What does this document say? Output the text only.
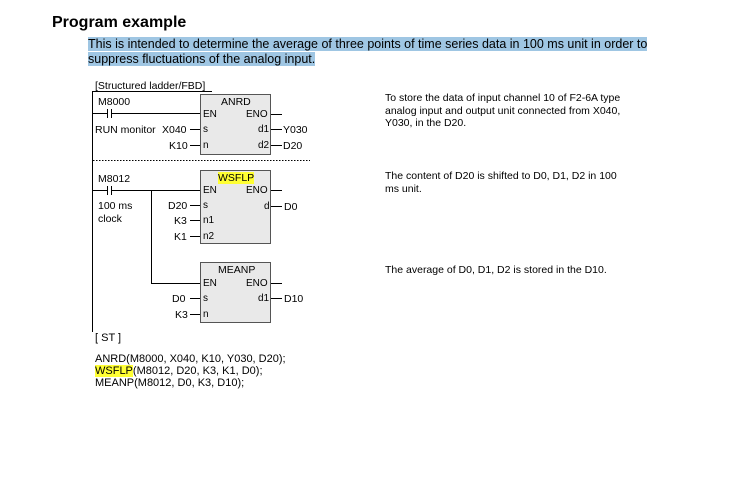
Program example
This is intended to determine the average of three points of time series data in 100 ms unit in order to
suppress fluctuations of the analog input.
[Structured ladder/FBD]
M8000
RUN monitor
ANRD
EN	ENO
s
n
d1
d2
X040
K10
Y030
D20
To store the data of input channel 10 of F2-6A type analog input and output unit connected from X040, Y030, in the D20.
M8012
100 ms
clock
WSFLP
EN	ENO
s
n1
n2
d
D20
K3
K1
D0
The content of D20 is shifted to D0, D1, D2 in 100 ms unit.
MEANP
EN	ENO
s
n
d1
D0
K3
D10
The average of D0, D1, D2 is stored in the D10.
[ ST ]
ANRD(M8000, X040, K10, Y030, D20);
WSFLP(M8012, D20, K3, K1, D0);
MEANP(M8012, D0, K3, D10);
